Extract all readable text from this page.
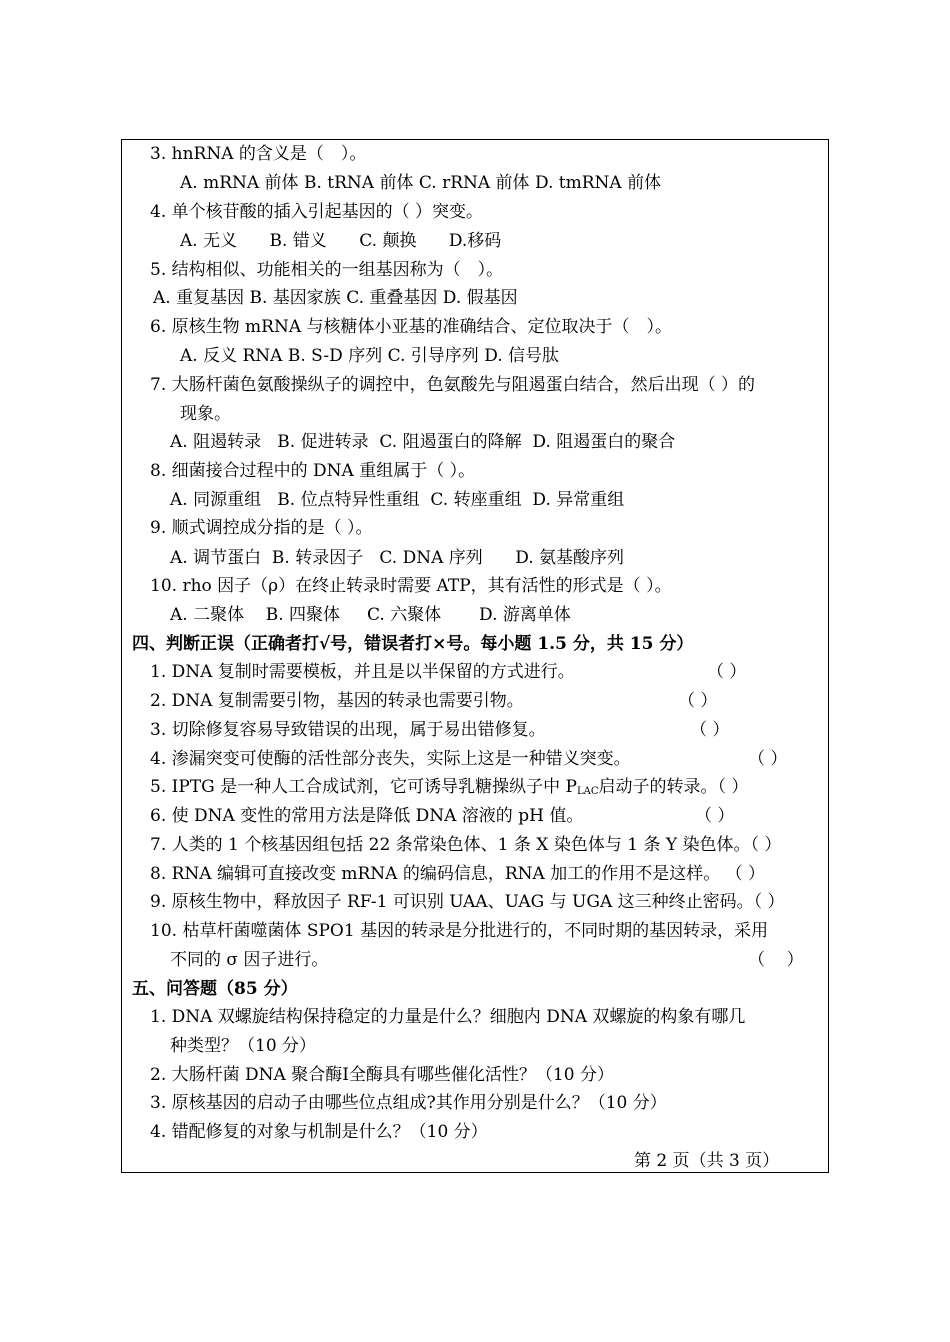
3. hnRNA 的含义是（　）。
A. mRNA 前体 B. tRNA 前体 C. rRNA 前体 D. tmRNA 前体
4. 单个核苷酸的插入引起基因的（ ）突变。
A. 无义      B. 错义      C. 颠换      D.移码
5. 结构相似、功能相关的一组基因称为（　）。
A. 重复基因 B. 基因家族 C. 重叠基因 D. 假基因
6. 原核生物 mRNA 与核糖体小亚基的准确结合、定位取决于（　）。
A. 反义 RNA B. S-D 序列 C. 引导序列 D. 信号肽
7. 大肠杆菌色氨酸操纵子的调控中，色氨酸先与阻遏蛋白结合，然后出现（ ）的
现象。
A. 阻遏转录   B. 促进转录  C. 阻遏蛋白的降解  D. 阻遏蛋白的聚合
8. 细菌接合过程中的 DNA 重组属于（ ）。
A. 同源重组   B. 位点特异性重组  C. 转座重组  D. 异常重组
9. 顺式调控成分指的是（ ）。
A. 调节蛋白  B. 转录因子   C. DNA 序列      D. 氨基酸序列
10. rho 因子（ρ）在终止转录时需要 ATP，其有活性的形式是（ ）。
A. 二聚体    B. 四聚体     C. 六聚体       D. 游离单体
四、判断正误（正确者打√号，错误者打×号。每小题 1.5 分，共 15 分）
1. DNA 复制时需要模板，并且是以半保留的方式进行。	（ ）
2. DNA 复制需要引物，基因的转录也需要引物。	（ ）
3. 切除修复容易导致错误的出现，属于易出错修复。	（ ）
4. 渗漏突变可使酶的活性部分丧失，实际上这是一种错义突变。	（ ）
5. IPTG 是一种人工合成试剂，它可诱导乳糖操纵子中 $P_{LAC}$启动子的转录。（ ）
6. 使 DNA 变性的常用方法是降低 DNA 溶液的 pH 值。	（ ）
7. 人类的 1 个核基因组包括 22 条常染色体、1 条 X 染色体与 1 条 Y 染色体。（ ）
8. RNA 编辑可直接改变 mRNA 的编码信息，RNA 加工的作用不是这样。 （ ）
9. 原核生物中，释放因子 RF-1 可识别 UAA、UAG 与 UGA 这三种终止密码。（ ）
10. 枯草杆菌噬菌体 SPO1 基因的转录是分批进行的，不同时期的基因转录，采用
不同的 σ 因子进行。	（    ）
五、问答题（85 分）
1. DNA 双螺旋结构保持稳定的力量是什么？细胞内 DNA 双螺旋的构象有哪几
种类型？（10 分）
2. 大肠杆菌 DNA 聚合酶Ⅰ全酶具有哪些催化活性？（10 分）
3. 原核基因的启动子由哪些位点组成?其作用分别是什么？（10 分）
4. 错配修复的对象与机制是什么？（10 分）
第 2 页（共 3 页）
